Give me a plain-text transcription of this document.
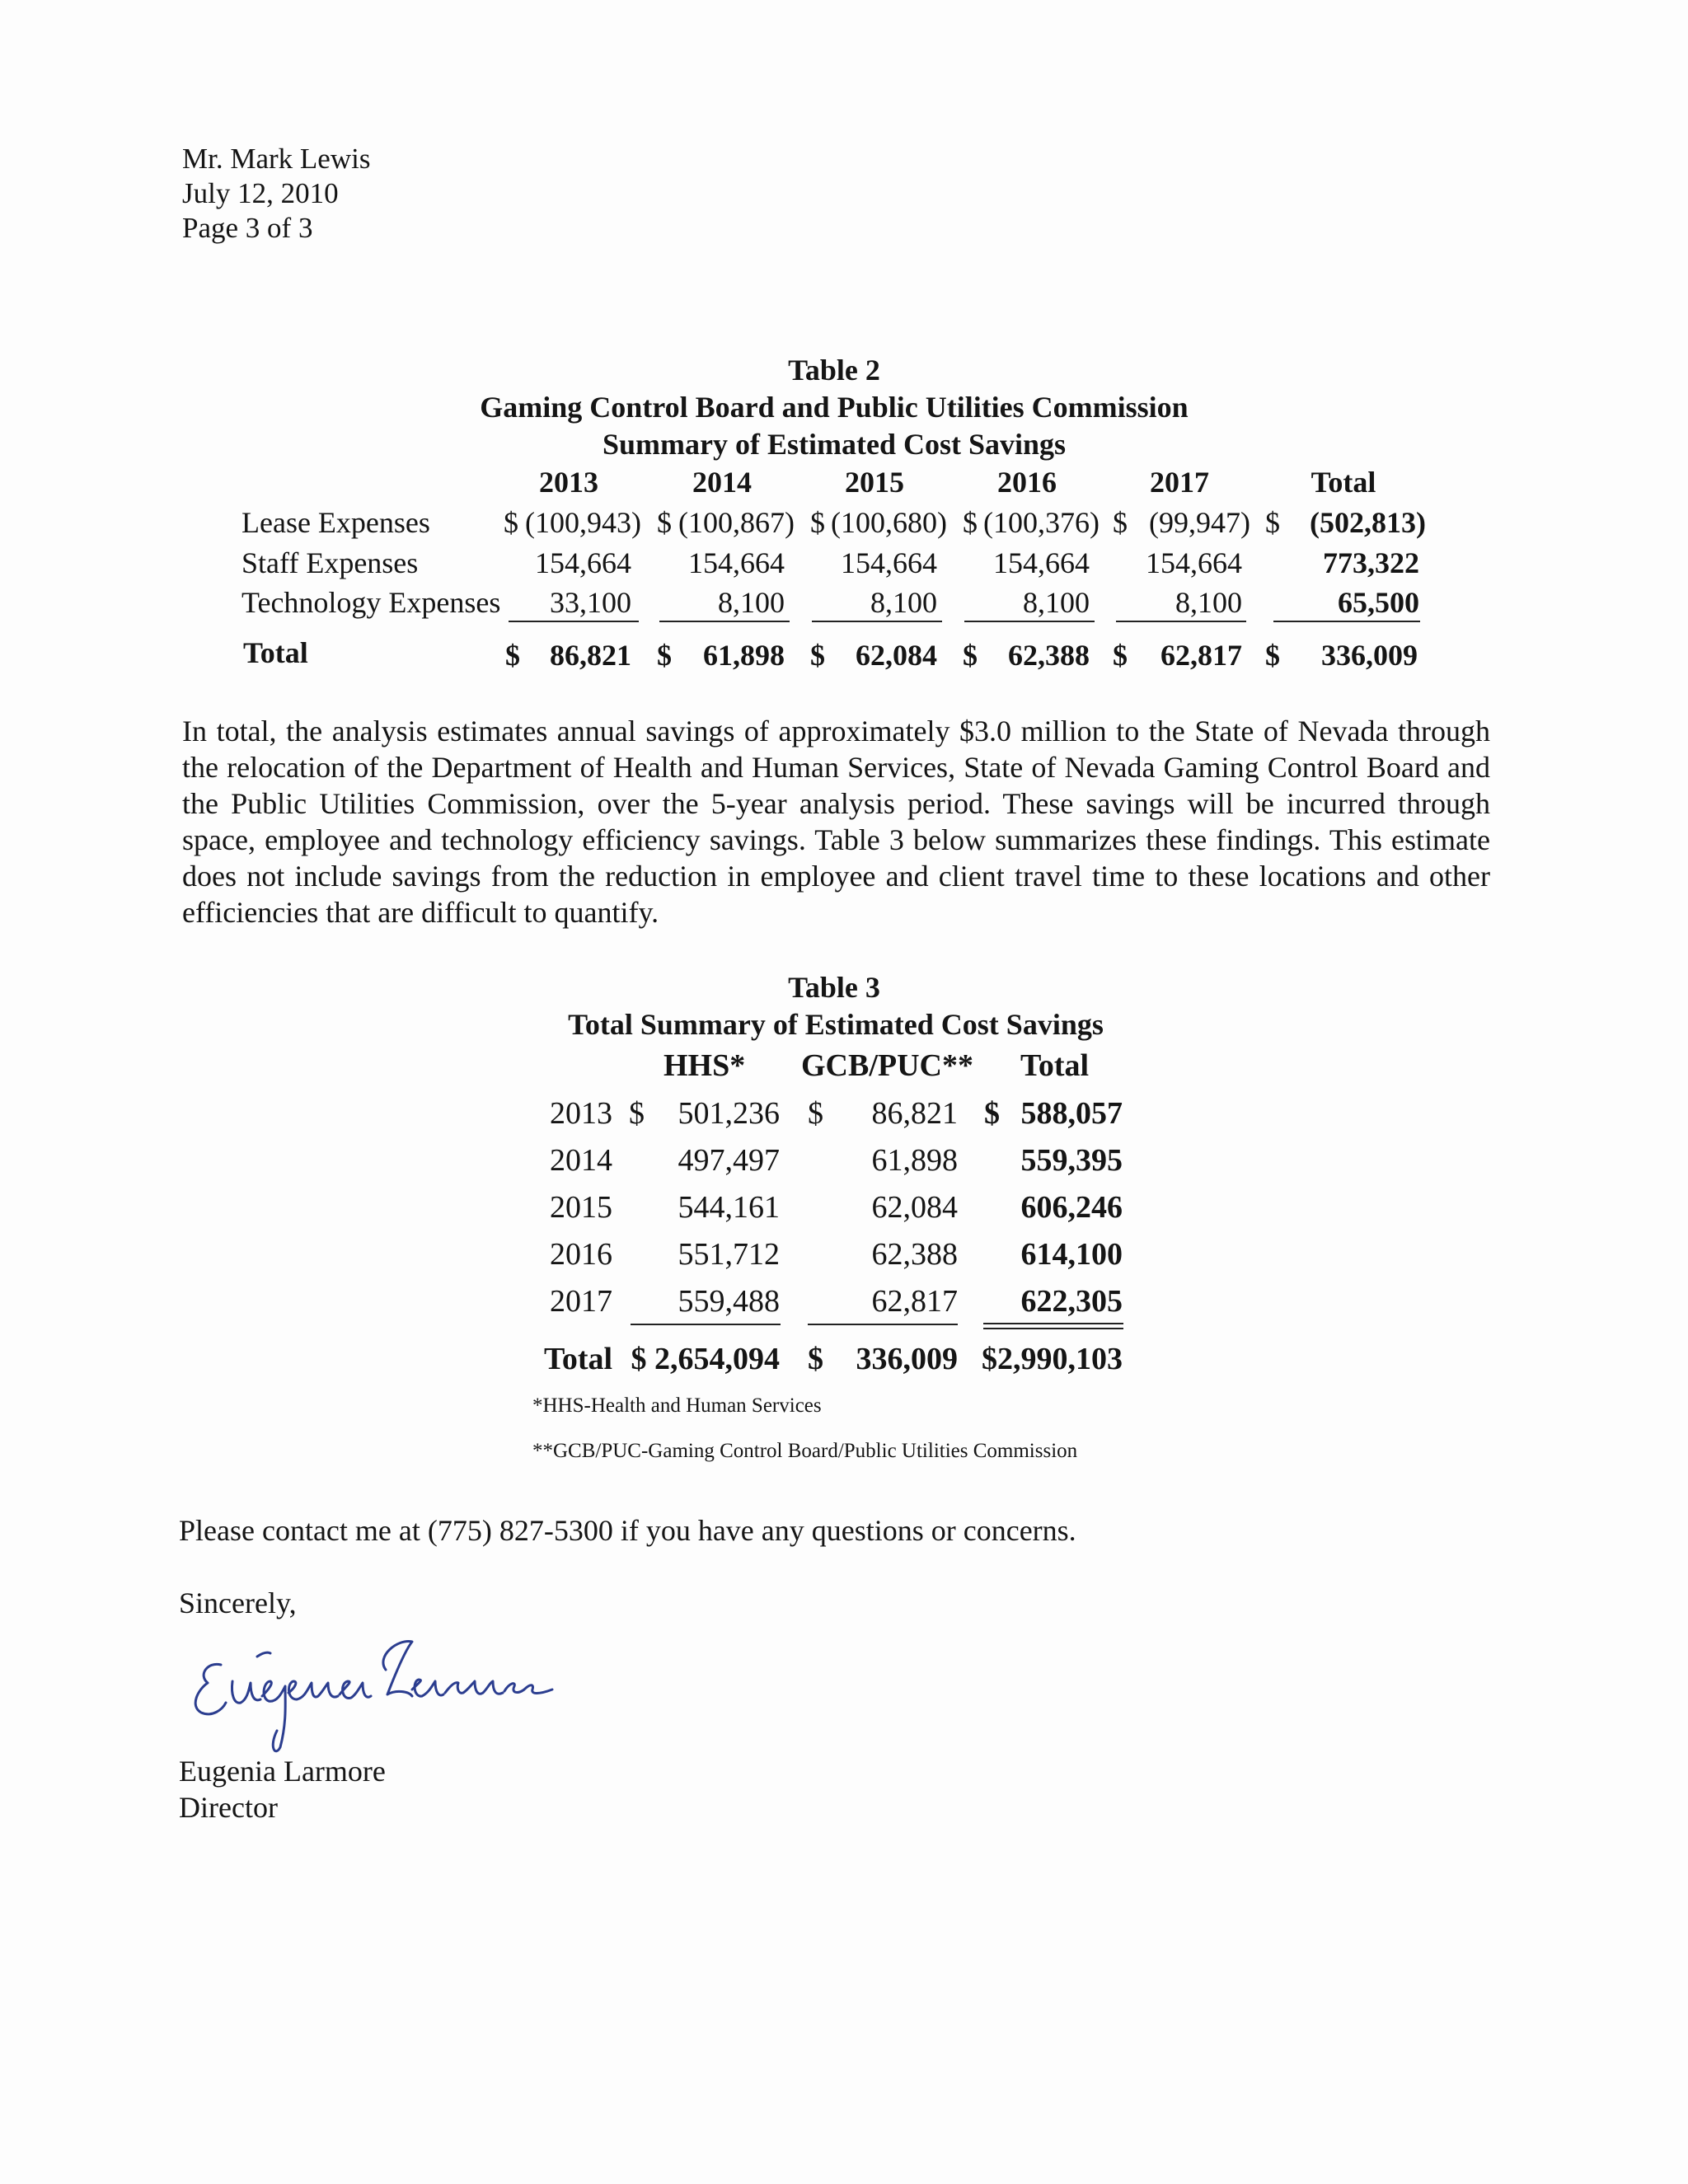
Mr. Mark Lewis
July 12, 2010
Page 3 of 3
Table 2
Gaming Control Board and Public Utilities Commission
Summary of Estimated Cost Savings
2013	2014	2015	2016	2017	Total
Lease Expenses $ (100,943) $ (100,867) $ (100,680) $ (100,376) $ (99,947) $	(502,813)
Staff Expenses	154,664	154,664	154,664	154,664	154,664	773,322
Technology Expenses	33,100	8,100	8,100	8,100	8,100	65,500
Total	$	86,821 $	61,898 $	62,084 $	62,388 $	62,817 $	336,009
In total, the analysis estimates annual savings of approximately $3.0 million to the State of Nevada through the relocation of the Department of Health and Human Services, State of Nevada Gaming Control Board and the Public Utilities Commission, over the 5-year analysis period. These savings will be incurred through space, employee and technology efficiency savings. Table 3 below summarizes these findings. This estimate does not include savings from the reduction in employee and client travel time to these locations and other efficiencies that are difficult to quantify.
Table 3
Total Summary of Estimated Cost Savings
HHS* GCB/PUC** Total
2013 $	501,236 $	86,821 $ 588,057
2014	497,497	61,898 559,395
2015	544,161	62,084 606,246
2016	551,712	62,388 614,100
2017	559,488	62,817 622,305
Total $ 2,654,094 $	336,009 $2,990,103
*HHS-Health and Human Services
**GCB/PUC-Gaming Control Board/Public Utilities Commission
Please contact me at (775) 827-5300 if you have any questions or concerns.
Sincerely,
Eugenia Larmore
Eugenia Larmore
Director
